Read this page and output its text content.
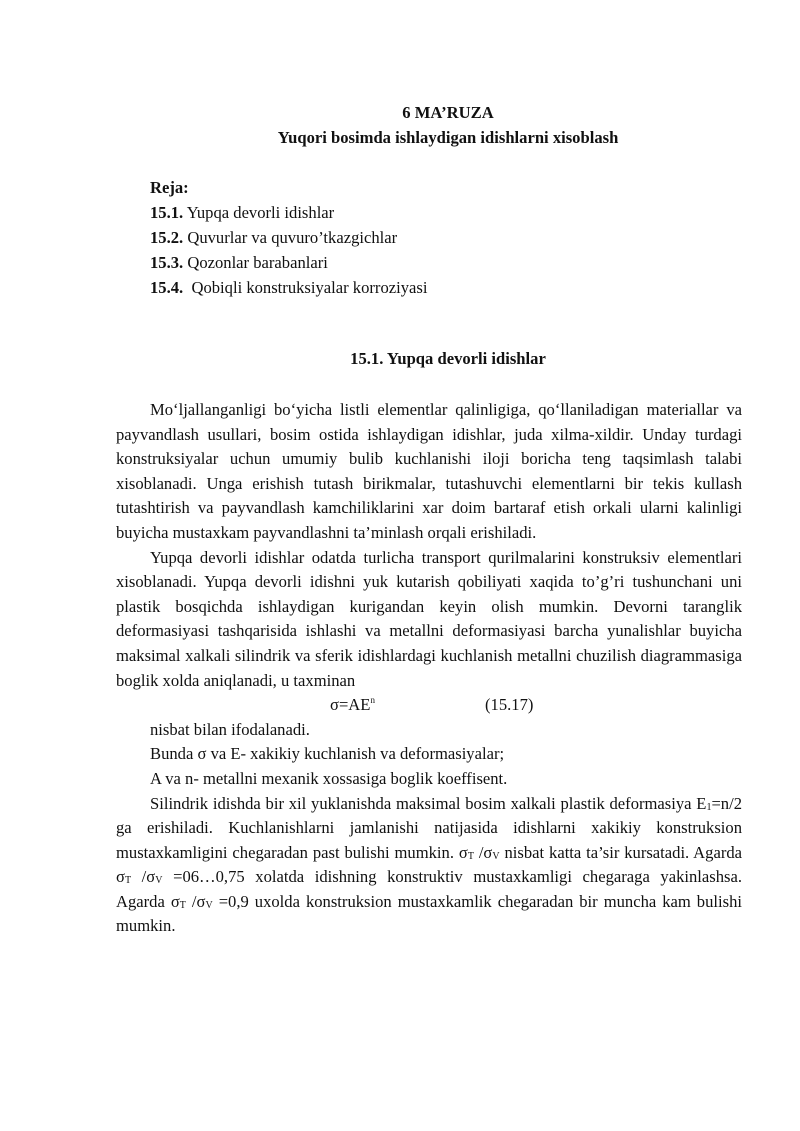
6 MA’RUZA
Yuqori bosimda ishlaydigan idishlarni xisoblash
Reja:
15.1. Yupqa devorli idishlar
15.2. Quvurlar va quvuro’tkazgichlar
15.3. Qozonlar barabanlari
15.4.  Qobiqli konstruksiyalar korroziyasi
15.1. Yupqa devorli idishlar

Mo‘ljallanganligi bo‘yicha listli elementlar qalinligiga, qo‘llaniladigan materiallar va payvandlash usullari, bosim ostida ishlaydigan idishlar, juda xilma-xildir. Unday turdagi konstruksiyalar uchun umumiy bulib kuchlanishi iloji boricha teng taqsimlash talabi xisoblanadi. Unga erishish tutash birikmalar, tutashuvchi elementlarni bir tekis kullash tutashtirish va payvandlash kamchiliklarini xar doim bartaraf etish orkali ularni kalinligi buyicha mustaxkam payvandlashni ta’minlash orqali erishiladi.

Yupqa devorli idishlar odatda turlicha transport qurilmalarini konstruksiv elementlari xisoblanadi. Yupqa devorli idishni yuk kutarish qobiliyati xaqida to’g’ri tushunchani uni plastik bosqichda ishlaydigan kurigandan keyin olish mumkin. Devorni taranglik deformasiyasi tashqarisida ishlashi va metallni deformasiyasi barcha yunalishlar buyicha maksimal xalkali silindrik va sferik idishlardagi kuchlanish metallni chuzilish diagrammasiga boglik xolda aniqlanadi, u taxminan

$\sigma=AE^n$	(15.17)

nisbat bilan ifodalanadi.

Bunda σ va E- xakikiy kuchlanish va deformasiyalar;

A va n- metallni mexanik xossasiga boglik koeffisent.

Silindrik idishda bir xil yuklanishda maksimal bosim xalkali plastik deformasiya $E_1=n/2$ ga erishiladi. Kuchlanishlarni jamlanishi natijasida idishlarni xakikiy konstruksion mustaxkamligini chegaradan past bulishi mumkin. $\sigma_T$ $/\sigma_V$ nisbat katta ta’sir kursatadi. Agarda $\sigma_T$ $/\sigma_V$ =06…0,75 xolatda idishning konstruktiv mustaxkamligi chegaraga yakinlashsa. Agarda $\sigma_T$ $/\sigma_V =0,9$ uxolda konstruksion mustaxkamlik chegaradan bir muncha kam bulishi mumkin.
